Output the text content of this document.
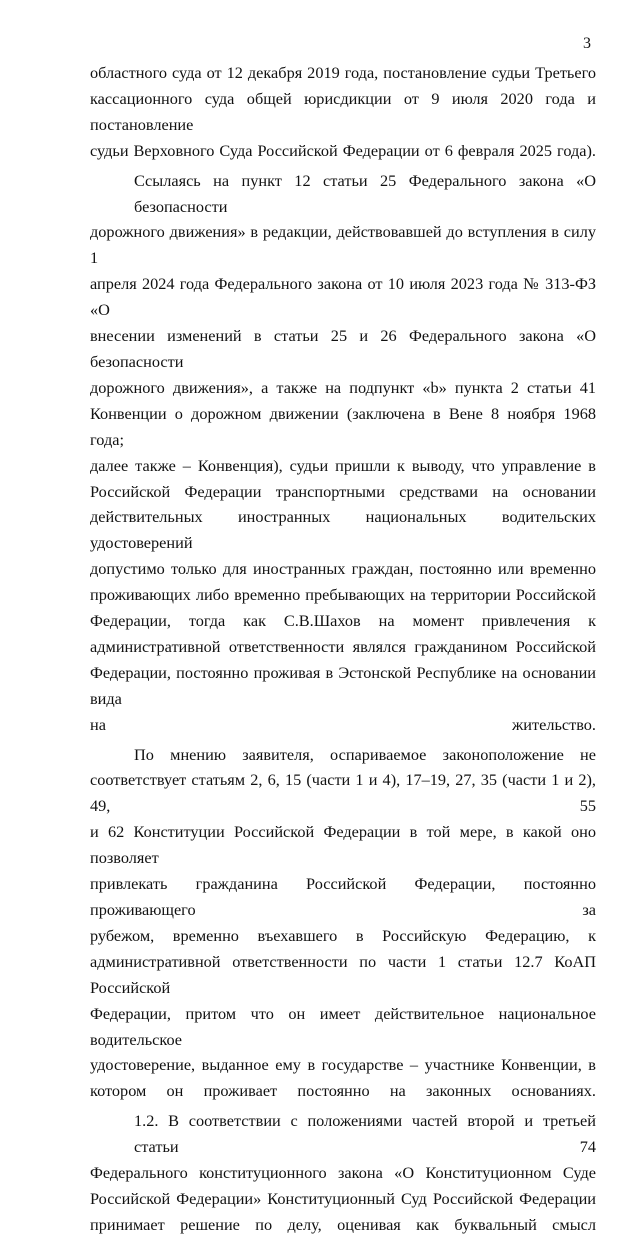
3
областного суда от 12 декабря 2019 года, постановление судьи Третьего
кассационного суда общей юрисдикции от 9 июля 2020 года и постановление
судьи Верховного Суда Российской Федерации от 6 февраля 2025 года).
Ссылаясь на пункт 12 статьи 25 Федерального закона «О безопасности
дорожного движения» в редакции, действовавшей до вступления в силу 1
апреля 2024 года Федерального закона от 10 июля 2023 года № 313-ФЗ «О
внесении изменений в статьи 25 и 26 Федерального закона «О безопасности
дорожного движения», а также на подпункт «b» пункта 2 статьи 41
Конвенции о дорожном движении (заключена в Вене 8 ноября 1968 года;
далее также – Конвенция), судьи пришли к выводу, что управление в
Российской Федерации транспортными средствами на основании
действительных иностранных национальных водительских удостоверений
допустимо только для иностранных граждан, постоянно или временно
проживающих либо временно пребывающих на территории Российской
Федерации, тогда как С.В.Шахов на момент привлечения к
административной ответственности являлся гражданином Российской
Федерации, постоянно проживая в Эстонской Республике на основании вида
на жительство.
По мнению заявителя, оспариваемое законоположение не
соответствует статьям 2, 6, 15 (части 1 и 4), 17–19, 27, 35 (части 1 и 2), 49, 55
и 62 Конституции Российской Федерации в той мере, в какой оно позволяет
привлекать гражданина Российской Федерации, постоянно проживающего за
рубежом, временно въехавшего в Российскую Федерацию, к
административной ответственности по части 1 статьи 12.7 КоАП Российской
Федерации, притом что он имеет действительное национальное водительское
удостоверение, выданное ему в государстве – участнике Конвенции, в
котором он проживает постоянно на законных основаниях.
1.2. В соответствии с положениями частей второй и третьей статьи 74
Федерального конституционного закона «О Конституционном Суде
Российской Федерации» Конституционный Суд Российской Федерации
принимает решение по делу, оценивая как буквальный смысл
